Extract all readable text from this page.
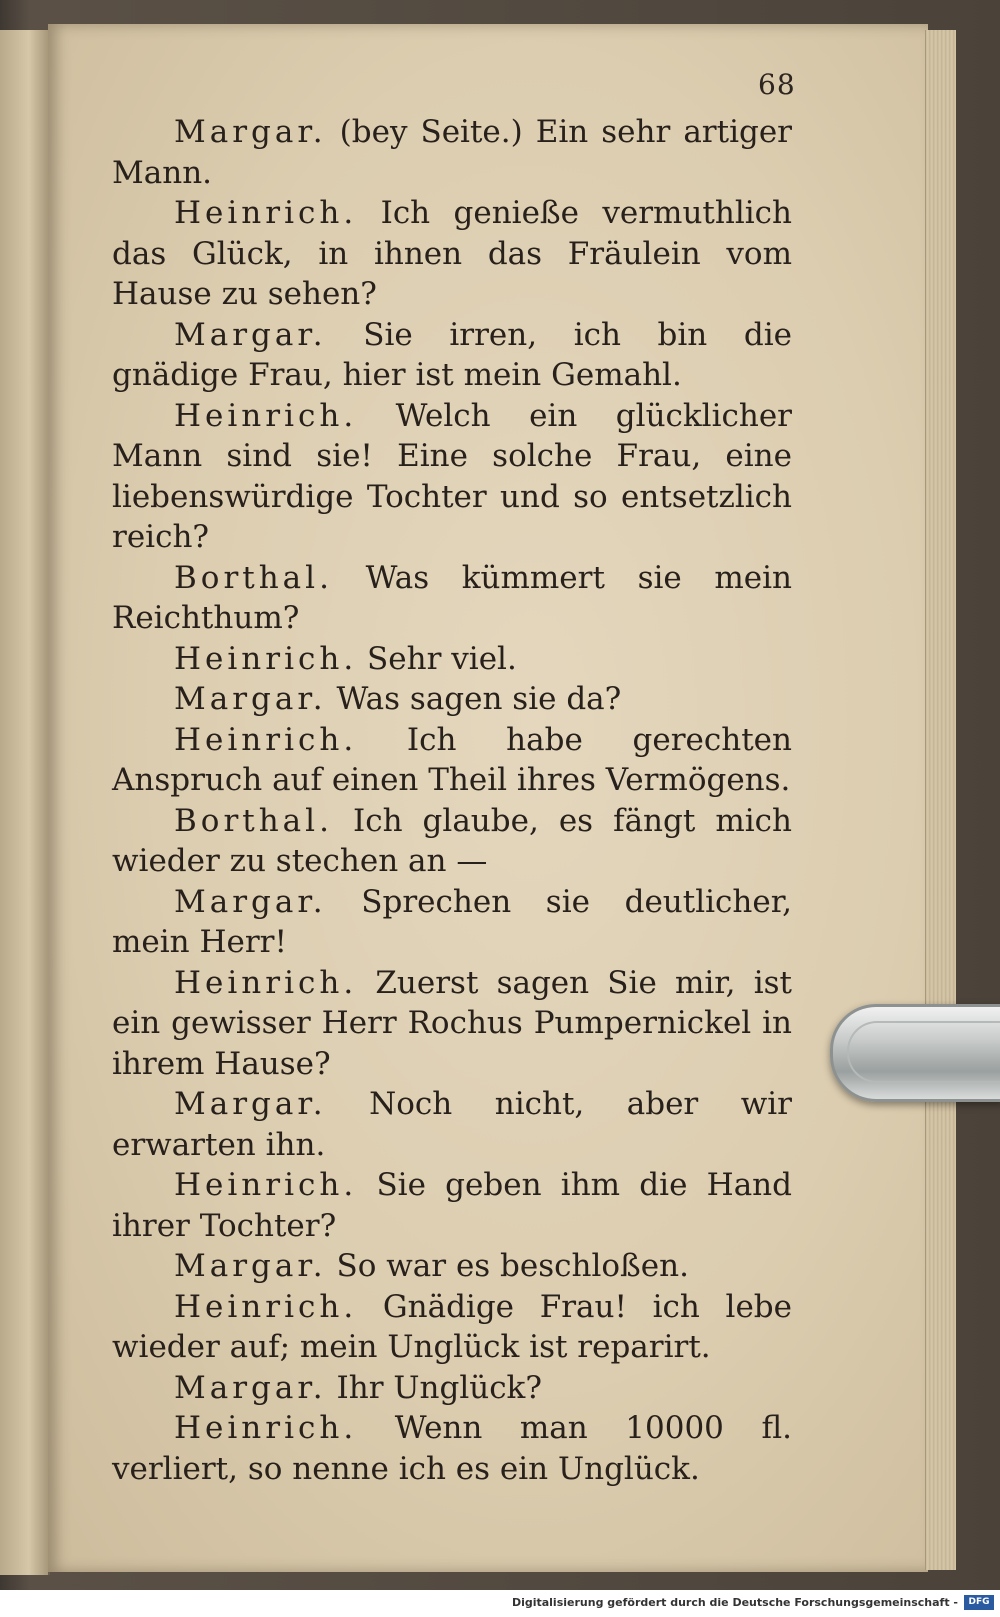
68

Margar. (bey Seite.) Ein sehr artiger Mann.

Heinrich. Ich genieße vermuthlich das Glück, in ihnen das Fräulein vom Hause zu sehen?

Margar. Sie irren, ich bin die gnädige Frau, hier ist mein Gemahl.

Heinrich. Welch ein glücklicher Mann sind sie! Eine solche Frau, eine liebenswürdige Tochter und so entsetzlich reich?

Borthal. Was kümmert sie mein Reichthum?

Heinrich. Sehr viel.

Margar. Was sagen sie da?

Heinrich. Ich habe gerechten Anspruch auf einen Theil ihres Vermögens.

Borthal. Ich glaube, es fängt mich wieder zu stechen an —

Margar. Sprechen sie deutlicher, mein Herr!

Heinrich. Zuerst sagen Sie mir, ist ein gewisser Herr Rochus Pumpernickel in ihrem Hause?

Margar. Noch nicht, aber wir erwarten ihn.

Heinrich. Sie geben ihm die Hand ihrer Tochter?

Margar. So war es beschloßen.

Heinrich. Gnädige Frau! ich lebe wieder auf; mein Unglück ist reparirt.

Margar. Ihr Unglück?

Heinrich. Wenn man 10000 fl. verliert, so nenne ich es ein Unglück.

Digitalisierung gefördert durch die Deutsche Forschungsgemeinschaft -	DFG
